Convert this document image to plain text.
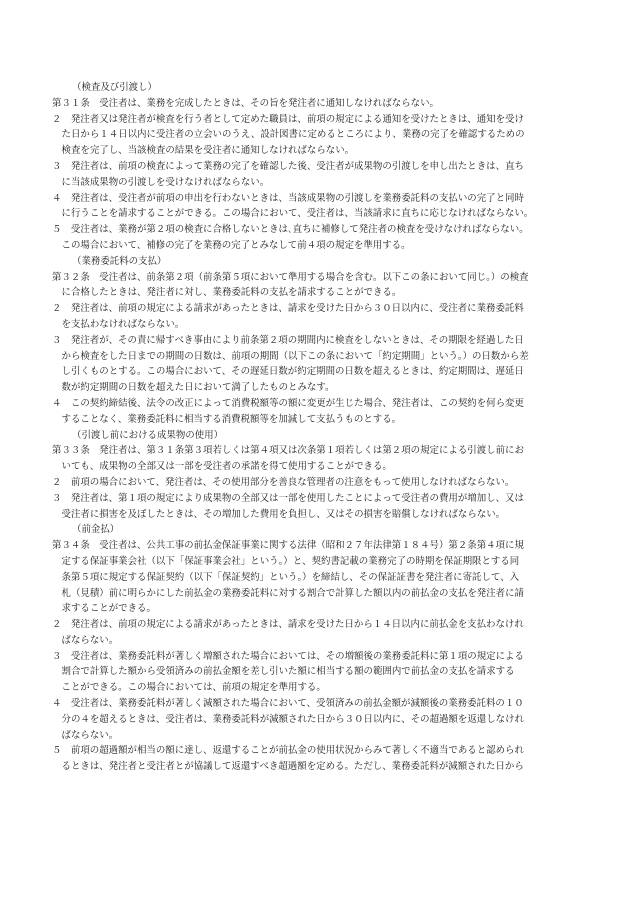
（検査及び引渡し）
第３１条　受注者は、業務を完成したときは、その旨を発注者に通知しなければならない。
２　発注者又は発注者が検査を行う者として定めた職員は、前項の規定による通知を受けたときは、通知を受け
た日から１４日以内に受注者の立会いのうえ、設計図書に定めるところにより、業務の完了を確認するための
検査を完了し、当該検査の結果を受注者に通知しなければならない。
３　発注者は、前項の検査によって業務の完了を確認した後、受注者が成果物の引渡しを申し出たときは、直ち
に当該成果物の引渡しを受けなければならない。
４　発注者は、受注者が前項の申出を行わないときは、当該成果物の引渡しを業務委託料の支払いの完了と同時
に行うことを請求することができる。この場合において、受注者は、当該請求に直ちに応じなければならない。
５　受注者は、業務が第２項の検査に合格しないときは､直ちに補修して発注者の検査を受けなければならない。
この場合において、補修の完了を業務の完了とみなして前４項の規定を準用する。
（業務委託料の支払）
第３２条　受注者は、前条第２項（前条第５項において準用する場合を含む。以下この条において同じ。）の検査
に合格したときは、発注者に対し、業務委託料の支払を請求することができる。
２　発注者は、前項の規定による請求があったときは、請求を受けた日から３０日以内に、受注者に業務委託料
を支払わなければならない。
３　発注者が、その責に帰すべき事由により前条第２項の期間内に検査をしないときは、その期限を経過した日
から検査をした日までの期間の日数は、前項の期間（以下この条において「約定期間」という。）の日数から差
し引くものとする。この場合において、その遅延日数が約定期間の日数を超えるときは、約定期間は、遅延日
数が約定期間の日数を超えた日において満了したものとみなす。
４　この契約締結後、法令の改正によって消費税額等の額に変更が生じた場合、発注者は、この契約を何ら変更
することなく、業務委託料に相当する消費税額等を加減して支払うものとする。
（引渡し前における成果物の使用）
第３３条　発注者は、第３１条第３項若しくは第４項又は次条第１項若しくは第２項の規定による引渡し前にお
いても、成果物の全部又は一部を受注者の承諾を得て使用することができる。
２　前項の場合において、発注者は、その使用部分を善良な管理者の注意をもって使用しなければならない。
３　発注者は、第１項の規定により成果物の全部又は一部を使用したことによって受注者の費用が増加し、又は
受注者に損害を及ぼしたときは、その増加した費用を負担し、又はその損害を賠償しなければならない。
（前金払）
第３４条　受注者は、公共工事の前払金保証事業に関する法律（昭和２７年法律第１８４号）第２条第４項に規
定する保証事業会社（以下「保証事業会社」という。）と、契約書記載の業務完了の時期を保証期限とする同
条第５項に規定する保証契約（以下「保証契約」という。）を締結し、その保証証書を発注者に寄託して、入
札（見積）前に明らかにした前払金の業務委託料に対する割合で計算した額以内の前払金の支払を発注者に請
求することができる。
２　発注者は、前項の規定による請求があったときは、請求を受けた日から１４日以内に前払金を支払わなけれ
ばならない。
３　受注者は、業務委託料が著しく増額された場合においては、その増額後の業務委託料に第１項の規定による
割合で計算した額から受領済みの前払金額を差し引いた額に相当する額の範囲内で前払金の支払を請求する
ことができる。この場合においては、前項の規定を準用する。
４　受注者は、業務委託料が著しく減額された場合において、受領済みの前払金額が減額後の業務委託料の１０
分の４を超えるときは、受注者は、業務委託料が減額された日から３０日以内に、その超過額を返還しなけれ
ばならない。
５　前項の超過額が相当の額に達し、返還することが前払金の使用状況からみて著しく不適当であると認められ
るときは、発注者と受注者とが協議して返還すべき超過額を定める。ただし、業務委託料が減額された日から
